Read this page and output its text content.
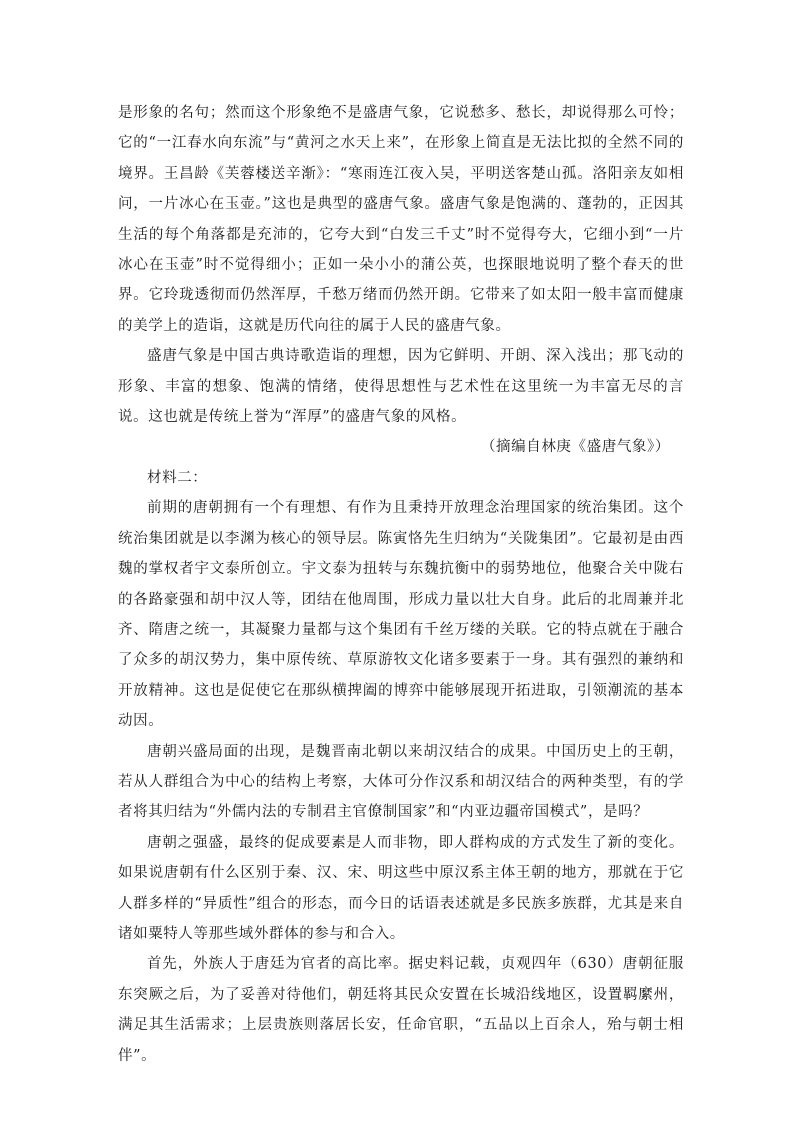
是形象的名句；然而这个形象绝不是盛唐气象，它说愁多、愁长，却说得那么可怜；它的“一江春水向东流”与“黄河之水天上来”，在形象上简直是无法比拟的全然不同的境界。王昌龄《芙蓉楼送辛渐》：“寒雨连江夜入吴，平明送客楚山孤。洛阳亲友如相问，一片冰心在玉壶。”这也是典型的盛唐气象。盛唐气象是饱满的、蓬勃的，正因其生活的每个角落都是充沛的，它夸大到“白发三千丈”时不觉得夸大，它细小到“一片冰心在玉壶”时不觉得细小；正如一朵小小的蒲公英，也探眼地说明了整个春天的世界。它玲珑透彻而仍然浑厚，千愁万绪而仍然开朗。它带来了如太阳一般丰富而健康的美学上的造诣，这就是历代向往的属于人民的盛唐气象。

盛唐气象是中国古典诗歌造诣的理想，因为它鲜明、开朗、深入浅出；那飞动的形象、丰富的想象、饱满的情绪，使得思想性与艺术性在这里统一为丰富无尽的言说。这也就是传统上誉为“浑厚”的盛唐气象的风格。

（摘编自林庚《盛唐气象》）

材料二：

前期的唐朝拥有一个有理想、有作为且秉持开放理念治理国家的统治集团。这个统治集团就是以李渊为核心的领导层。陈寅恪先生归纳为“关陇集团”。它最初是由西魏的掌权者宇文泰所创立。宇文泰为扭转与东魏抗衡中的弱势地位，他聚合关中陇右的各路豪强和胡中汉人等，团结在他周围，形成力量以壮大自身。此后的北周兼并北齐、隋唐之统一，其凝聚力量都与这个集团有千丝万缕的关联。它的特点就在于融合了众多的胡汉势力，集中原传统、草原游牧文化诸多要素于一身。其有强烈的兼纳和开放精神。这也是促使它在那纵横捭阖的博弈中能够展现开拓进取，引领潮流的基本动因。

唐朝兴盛局面的出现，是魏晋南北朝以来胡汉结合的成果。中国历史上的王朝，若从人群组合为中心的结构上考察，大体可分作汉系和胡汉结合的两种类型，有的学者将其归结为“外儒内法的专制君主官僚制国家”和“内亚边疆帝国模式”，是吗？

唐朝之强盛，最终的促成要素是人而非物，即人群构成的方式发生了新的变化。如果说唐朝有什么区别于秦、汉、宋、明这些中原汉系主体王朝的地方，那就在于它人群多样的“异质性”组合的形态，而今日的话语表述就是多民族多族群，尤其是来自诸如粟特人等那些域外群体的参与和合入。

首先，外族人于唐廷为官者的高比率。据史料记载，贞观四年（630）唐朝征服东突厥之后，为了妥善对待他们，朝廷将其民众安置在长城沿线地区，设置羁縻州，满足其生活需求；上层贵族则落居长安，任命官职，“五品以上百余人，殆与朝士相伴”。
